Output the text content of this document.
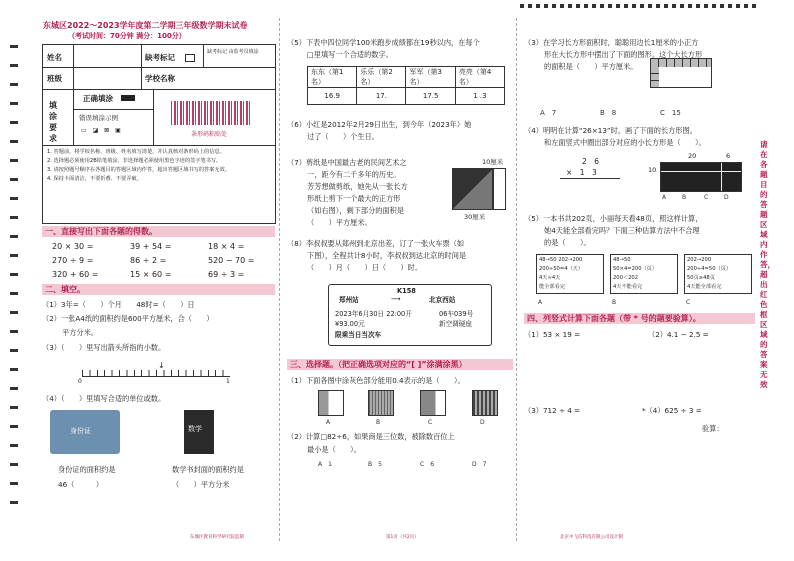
东城区2022～2023学年度第二学期三年级数学期末试卷
（考试时间：70分钟 满分：100分）
姓名	缺考标记
缺考标记 由监考员填涂
班级	学校名称
填涂要求
正确填涂
错误填涂示例
▭ ◪ ⊠ ▣
条形码粘贴处
1. 答题前，将学校名称、班级、姓名填写清楚，并认真核对条形码上的信息。
2. 选择题必须使用2B铅笔填涂，非选择题必须使用黑色字迹的签字笔书写。
3. 请按照题号顺序在各题目的答题区域内作答，超出答题区域书写的答案无效。
4. 保持卡面清洁，不要折叠、不要弄破。
一、直接写出下面各题的得数。
20 × 30 =	39 + 54 =	18 × 4 =
270 ÷ 9 =	86 ÷ 2 =	520 − 70 =
320 + 60 =	15 × 60 =	69 ÷ 3 =
二、填空。
（1）3年=（　　）个月　　48时=（　　）日
（2）一张A4纸的面积约是600平方厘米，合（　　）
平方分米。
（3）（　　）里写出箭头所指的小数。
↓
0	1
（4）（　　）里填写合适的单位或数。
身份证
身份证的面积约是
46（　　　）
数学
数学书封面的面积约是
（　　）平方分米
（5）下表中四位同学100米跑步成绩都在19秒以内，在每个
□里填写一个合适的数字。
东东（第1名）	乐乐（第2名）	军军（第3名）	亮亮（第4名）
16.9	17.	17.5	1 .3
（6）小红是2012年2月29日出生，到今年（2023年）她
过了（　　）个生日。
（7）剪纸是中国最古老的民间艺术之
一，距今有二千多年的历史。
芳芳想做剪纸，她先从一张长方
形纸上剪下一个最大的正方形
（如右图），剩下部分的面积是
（　　）平方厘米。
10厘米
30厘米
（8）李叔叔要从郑州到北京出差，订了一张火车票（如
下图），全程共计8小时，李叔叔到达北京的时间是
（　　）月（　　）日（　　）时。
K158
郑州站	⟶	北京西站
2023年6月30日 22:00开	06车039号
¥93.00元	新空调硬座
限乘当日当次车
三、选择题。（把正确选项对应的“[ ]”涂满涂黑）
（1）下面各图中涂灰色部分能用0.4表示的是（　　）。
A	B	C	D
（2）计算□82÷6，如果商是三位数，被除数百位上
最小是（　　）。
A　1	B　5	C　6	D　7
（3）在学习长方形面积时，聪聪用边长1厘米的小正方
形在大长方形中摆出了下面的图形。这个大长方形
的面积是（　　）平方厘米。
A　7	B　8	C　15
（4）明明在计算“26×13”时，画了下面的长方形图。
和左面竖式中圈出部分对应的小长方形是（　　）。
2　6
×　1　3
20	6
10
A	B	C	D
（5）一本书共202页，小丽每天看48页，照这样计算，
她4天能全部看完吗？下面三种估算方法中不合理
的是（　　）。
48→50 202→200
200÷50=4（天）
4天≈4天
能全部看完
48→50
50×4=200（页）
200＜202
4天不能看完
202→200
200÷4=50（页）
50页≥48页
4天能全部看完
A	B	C
四、列竖式计算下面各题（带 * 号的题要验算）。
（1）53 × 19 =	（2）4.1 − 2.5 =
（3）712 ÷ 4 =	*（4）625 ÷ 3 =
验算：
请在各题目的答题区域内作答，超出红色框区域的答案无效
东城区教育科学研究院监制	第1页（共2页）	北京中飞信科技有限公司设计制
